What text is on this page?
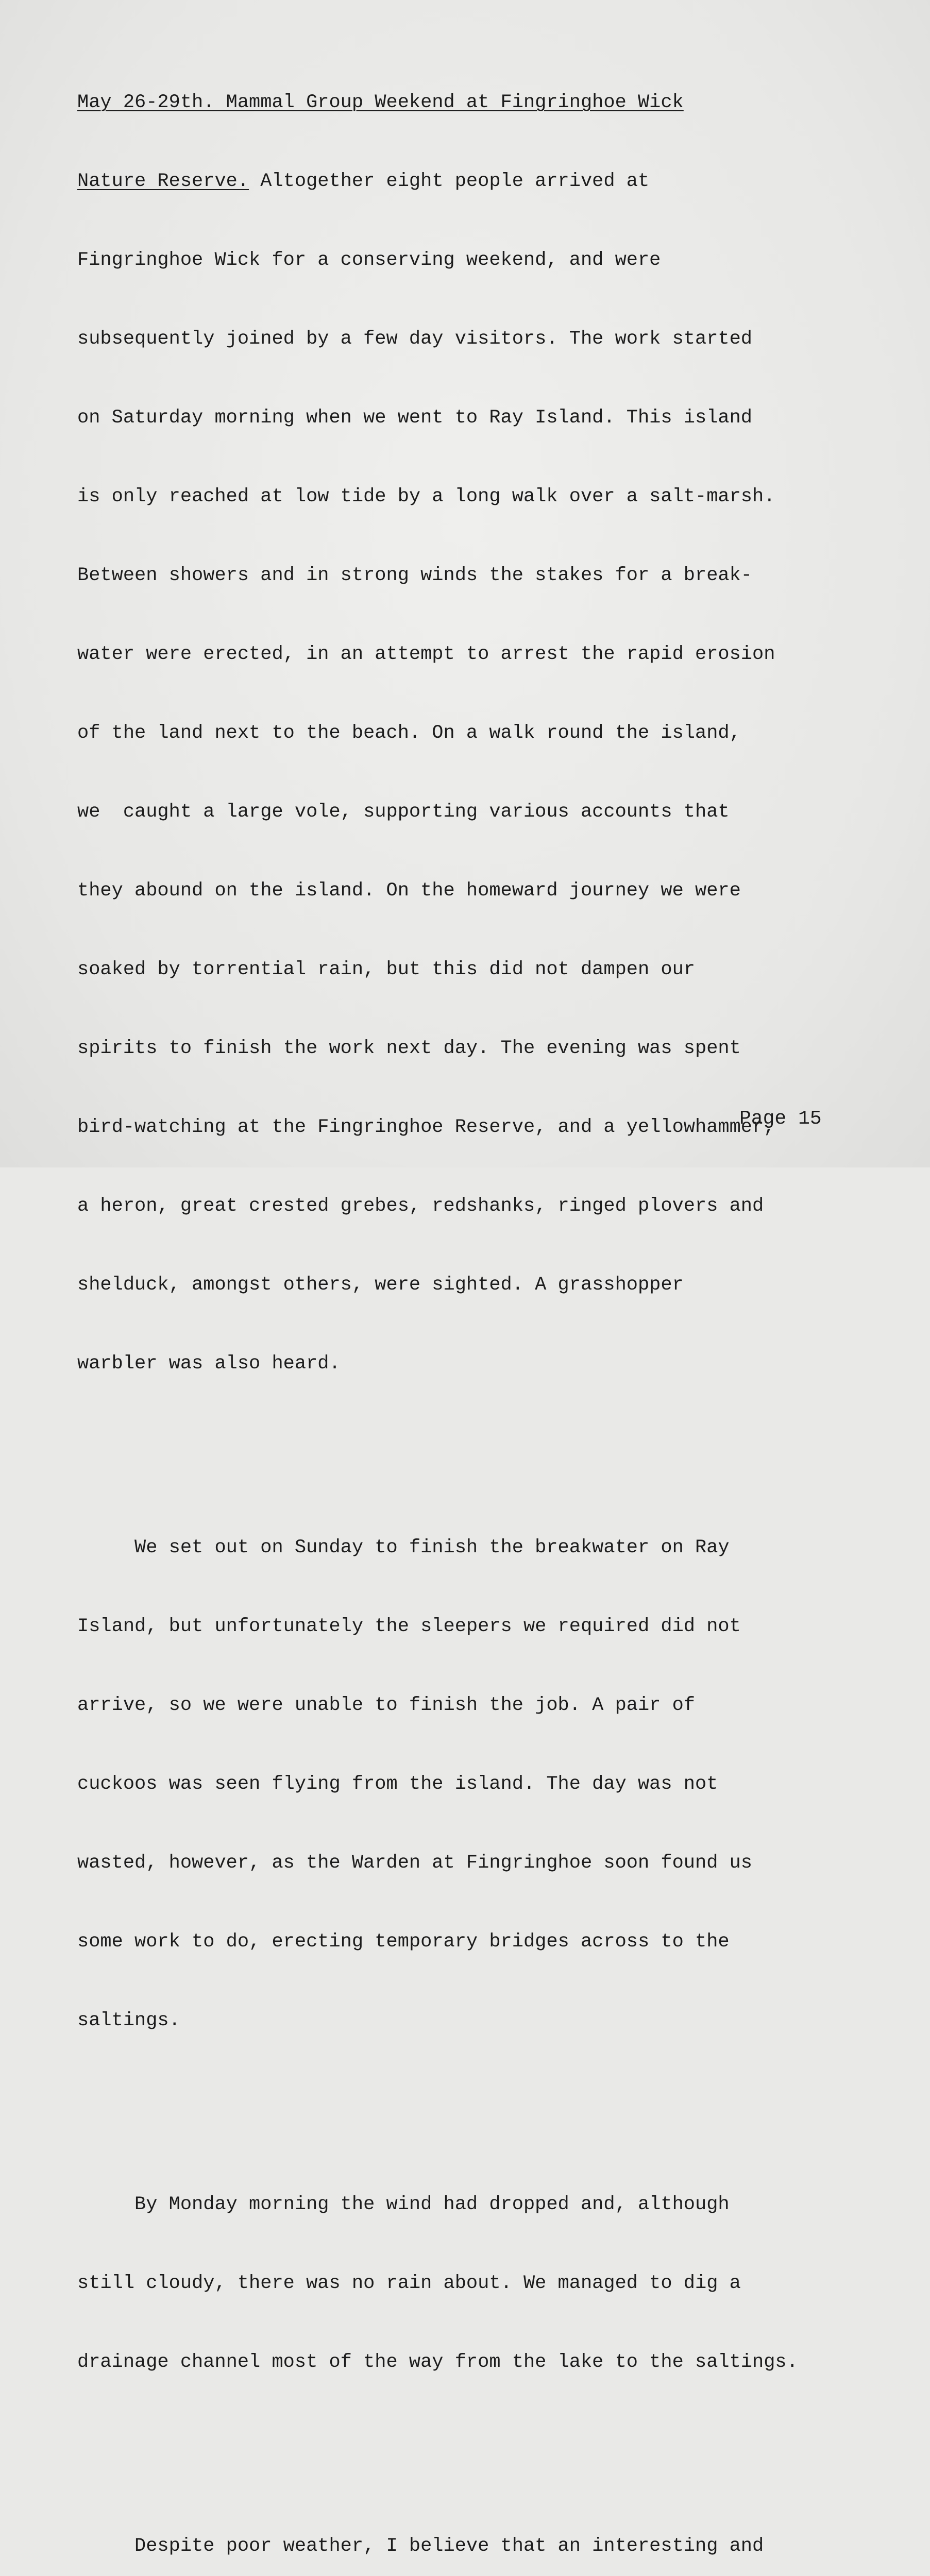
May 26-29th. Mammal Group Weekend at Fingringhoe Wick

Nature Reserve. Altogether eight people arrived at

Fingringhoe Wick for a conserving weekend, and were

subsequently joined by a few day visitors. The work started

on Saturday morning when we went to Ray Island. This island

is only reached at low tide by a long walk over a salt-marsh.

Between showers and in strong winds the stakes for a break-

water were erected, in an attempt to arrest the rapid erosion

of the land next to the beach. On a walk round the island,

we  caught a large vole, supporting various accounts that

they abound on the island. On the homeward journey we were

soaked by torrential rain, but this did not dampen our

spirits to finish the work next day. The evening was spent

bird-watching at the Fingringhoe Reserve, and a yellowhammer,

a heron, great crested grebes, redshanks, ringed plovers and

shelduck, amongst others, were sighted. A grasshopper

warbler was also heard.

We set out on Sunday to finish the breakwater on Ray

Island, but unfortunately the sleepers we required did not

arrive, so we were unable to finish the job. A pair of

cuckoos was seen flying from the island. The day was not

wasted, however, as the Warden at Fingringhoe soon found us

some work to do, erecting temporary bridges across to the

saltings.

By Monday morning the wind had dropped and, although

still cloudy, there was no rain about. We managed to dig a

drainage channel most of the way from the lake to the saltings.

Despite poor weather, I believe that an interesting and

Page 15
